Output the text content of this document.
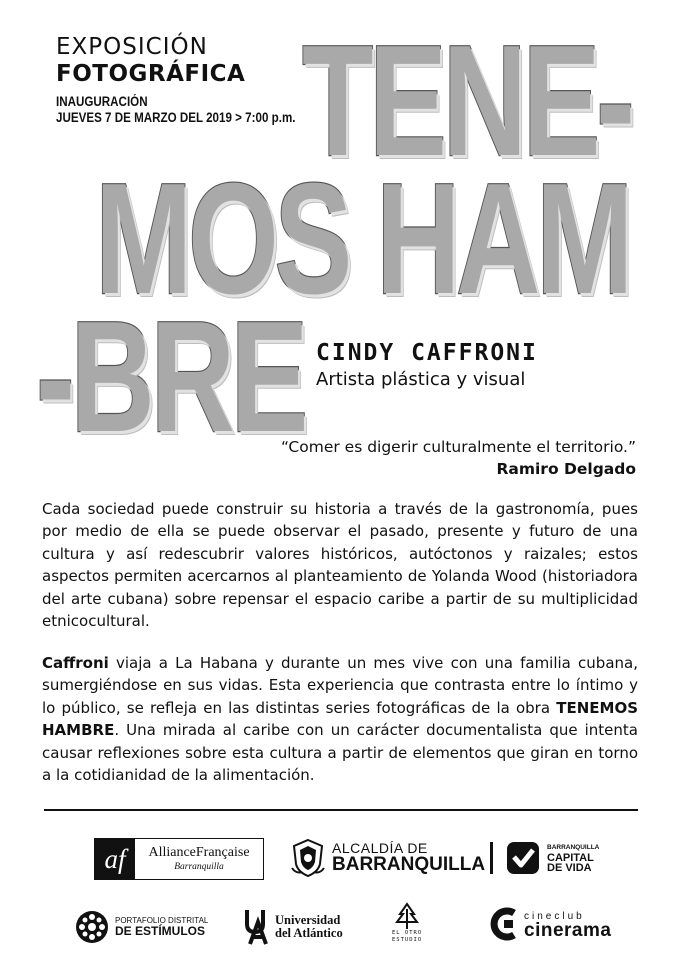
EXPOSICIÓN
FOTOGRÁFICA
INAUGURACIÓN
JUEVES 7 DE MARZO DEL 2019 > 7:00 p.m. TENE-
MOS HAM
-BRE CINDY CAFFRONI
Artista plástica y visual
“Comer es digerir culturalmente el territorio.”
Ramiro Delgado
Cada sociedad puede construir su historia a través de la gastronomía, pues por medio de ella se puede observar el pasado, presente y futuro de una cultura y así redescubrir valores históricos, autóctonos y raizales; estos aspectos permiten acercarnos al planteamiento de Yolanda Wood (historiadora del arte cubana) sobre repensar el espacio caribe a partir de su multiplicidad etnicocultural.
Caffroni viaja a La Habana y durante un mes vive con una familia cubana, sumergiéndose en sus vidas. Esta experiencia que contrasta entre lo íntimo y lo público, se refleja en las distintas series fotográficas de la obra TENEMOS HAMBRE. Una mirada al caribe con un carácter documentalista que intenta causar reflexiones sobre esta cultura a partir de elementos que giran en torno a la cotidianidad de la alimentación.
af	AllianceFrançaise
Barranquilla
ALCALDÍA DE
BARRANQUILLA
BARRANQUILLA
CAPITAL
DE VIDA
PORTAFOLIO DISTRITAL
DE ESTÍMULOS
Universidad
del Atlántico	EL OTRO
ESTUDIO
cineclub
cinerama
